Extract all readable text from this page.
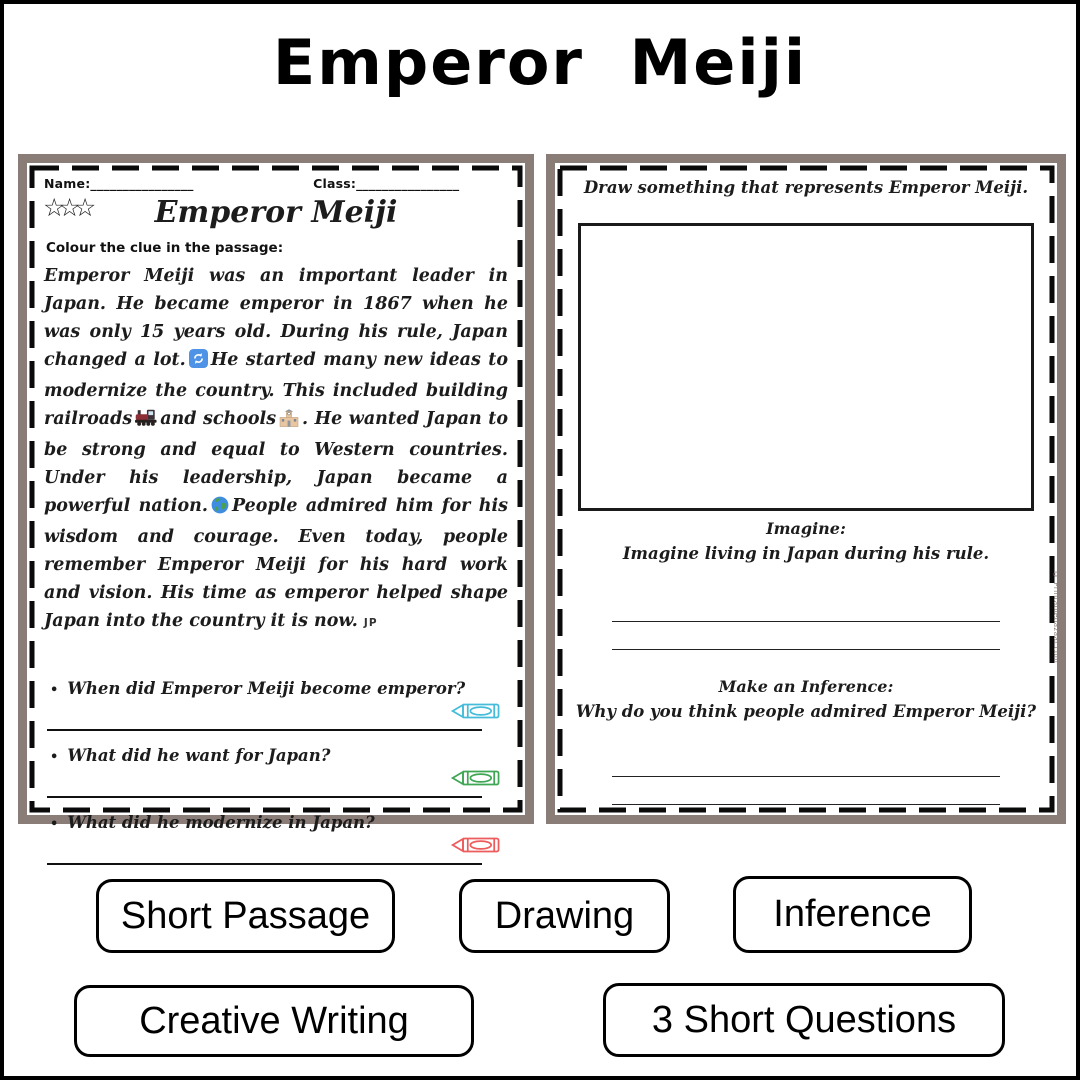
Emperor Meiji
Name:________________	Class:________________
☆☆☆	Emperor Meiji
Colour the clue in the passage:

Emperor Meiji was an important leader in Japan. He became emperor in 1867 when he was only 15 years old. During his rule, Japan changed a lot. He started many new ideas to modernize the country. This included building railroads and schools . He wanted Japan to be strong and equal to Western countries. Under his leadership, Japan became a powerful nation. People admired him for his wisdom and courage. Even today, people remember Emperor Meiji for his hard work and vision. His time as emperor helped shape Japan into the country it is now. JP

• When did Emperor Meiji become emperor?
• What did he want for Japan?
• What did he modernize in Japan?
Draw something that represents Emperor Meiji.
Imagine:
Imagine living in Japan during his rule.
Make an Inference:
Why do you think people admired Emperor Meiji?
© Printablebazaar.com
Short Passage	Drawing	Inference
Creative Writing	3 Short Questions
